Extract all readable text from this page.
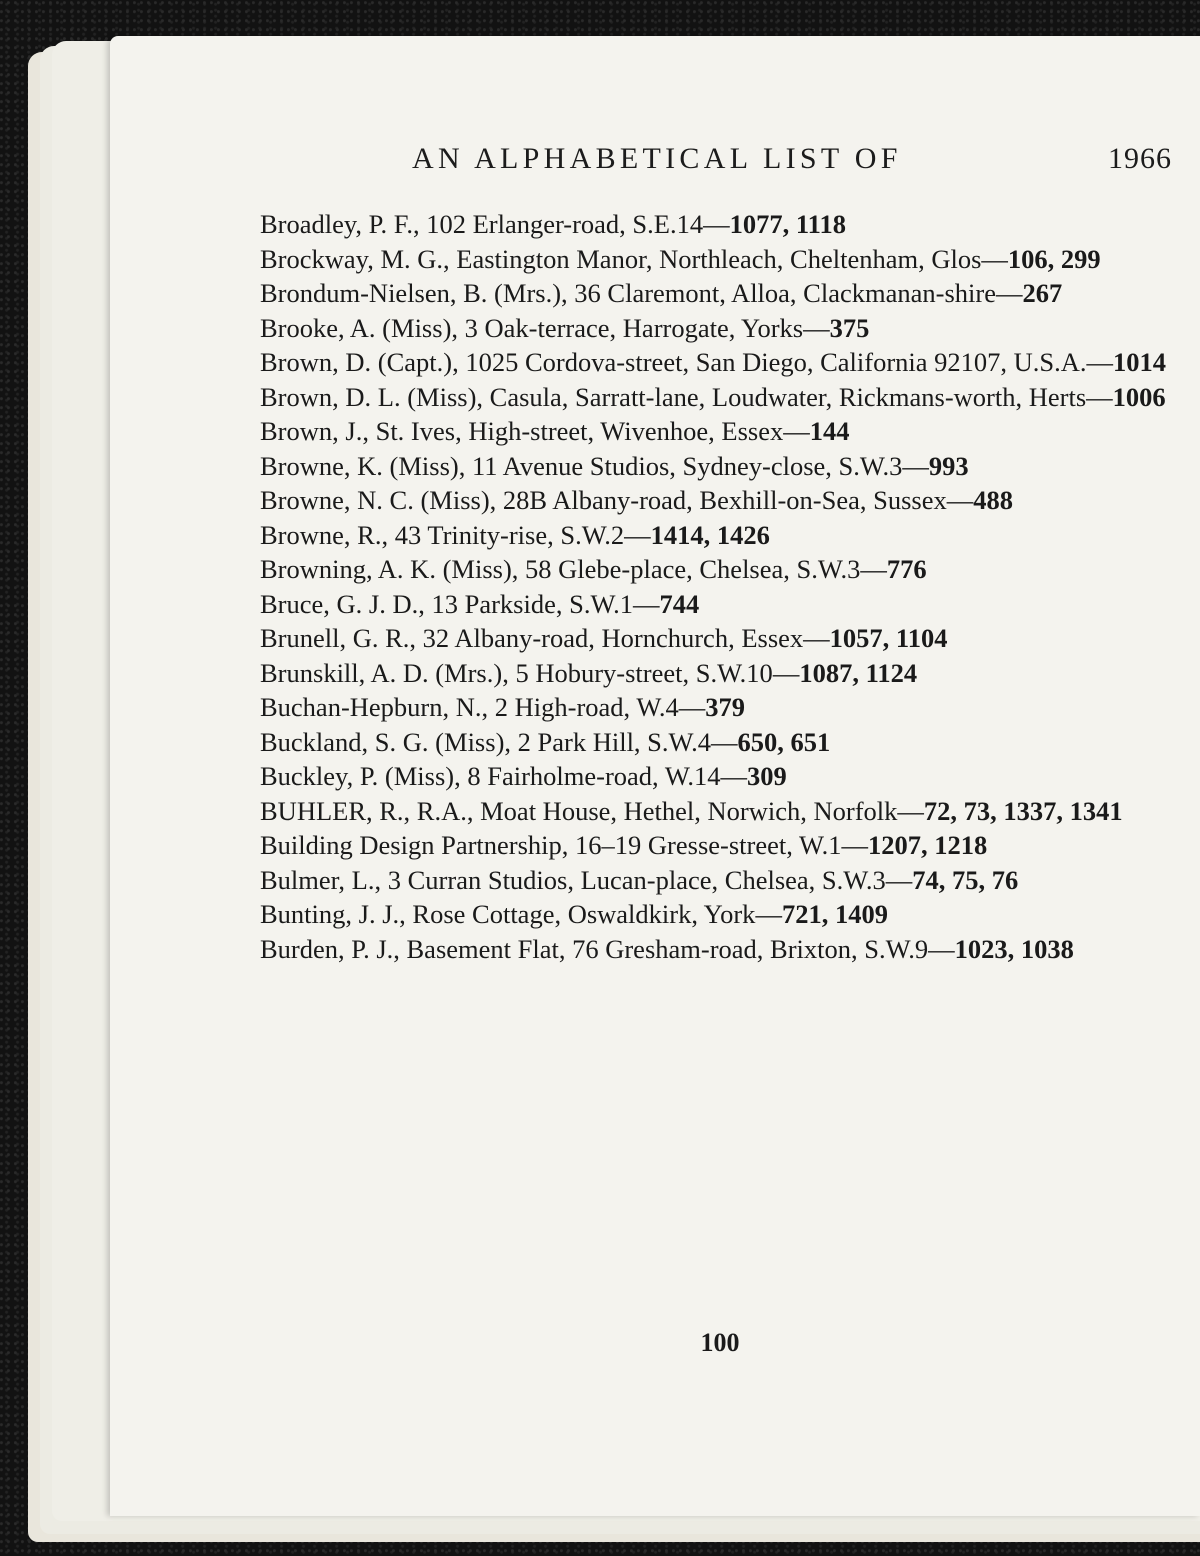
AN ALPHABETICAL LIST OF	1966

Broadley, P. F., 102 Erlanger-road, S.E.14—1077, 1118

Brockway, M. G., Eastington Manor, Northleach, Cheltenham, Glos—106, 299

Brondum-Nielsen, B. (Mrs.), 36 Claremont, Alloa, Clackmanan-shire—267

Brooke, A. (Miss), 3 Oak-terrace, Harrogate, Yorks—375

Brown, D. (Capt.), 1025 Cordova-street, San Diego, California 92107, U.S.A.—1014

Brown, D. L. (Miss), Casula, Sarratt-lane, Loudwater, Rickmans-worth, Herts—1006

Brown, J., St. Ives, High-street, Wivenhoe, Essex—144

Browne, K. (Miss), 11 Avenue Studios, Sydney-close, S.W.3—993

Browne, N. C. (Miss), 28B Albany-road, Bexhill-on-Sea, Sussex—488

Browne, R., 43 Trinity-rise, S.W.2—1414, 1426

Browning, A. K. (Miss), 58 Glebe-place, Chelsea, S.W.3—776

Bruce, G. J. D., 13 Parkside, S.W.1—744

Brunell, G. R., 32 Albany-road, Hornchurch, Essex—1057, 1104

Brunskill, A. D. (Mrs.), 5 Hobury-street, S.W.10—1087, 1124

Buchan-Hepburn, N., 2 High-road, W.4—379

Buckland, S. G. (Miss), 2 Park Hill, S.W.4—650, 651

Buckley, P. (Miss), 8 Fairholme-road, W.14—309

BUHLER, R., R.A., Moat House, Hethel, Norwich, Norfolk—72, 73, 1337, 1341

Building Design Partnership, 16–19 Gresse-street, W.1—1207, 1218

Bulmer, L., 3 Curran Studios, Lucan-place, Chelsea, S.W.3—74, 75, 76

Bunting, J. J., Rose Cottage, Oswaldkirk, York—721, 1409

Burden, P. J., Basement Flat, 76 Gresham-road, Brixton, S.W.9—1023, 1038

100
